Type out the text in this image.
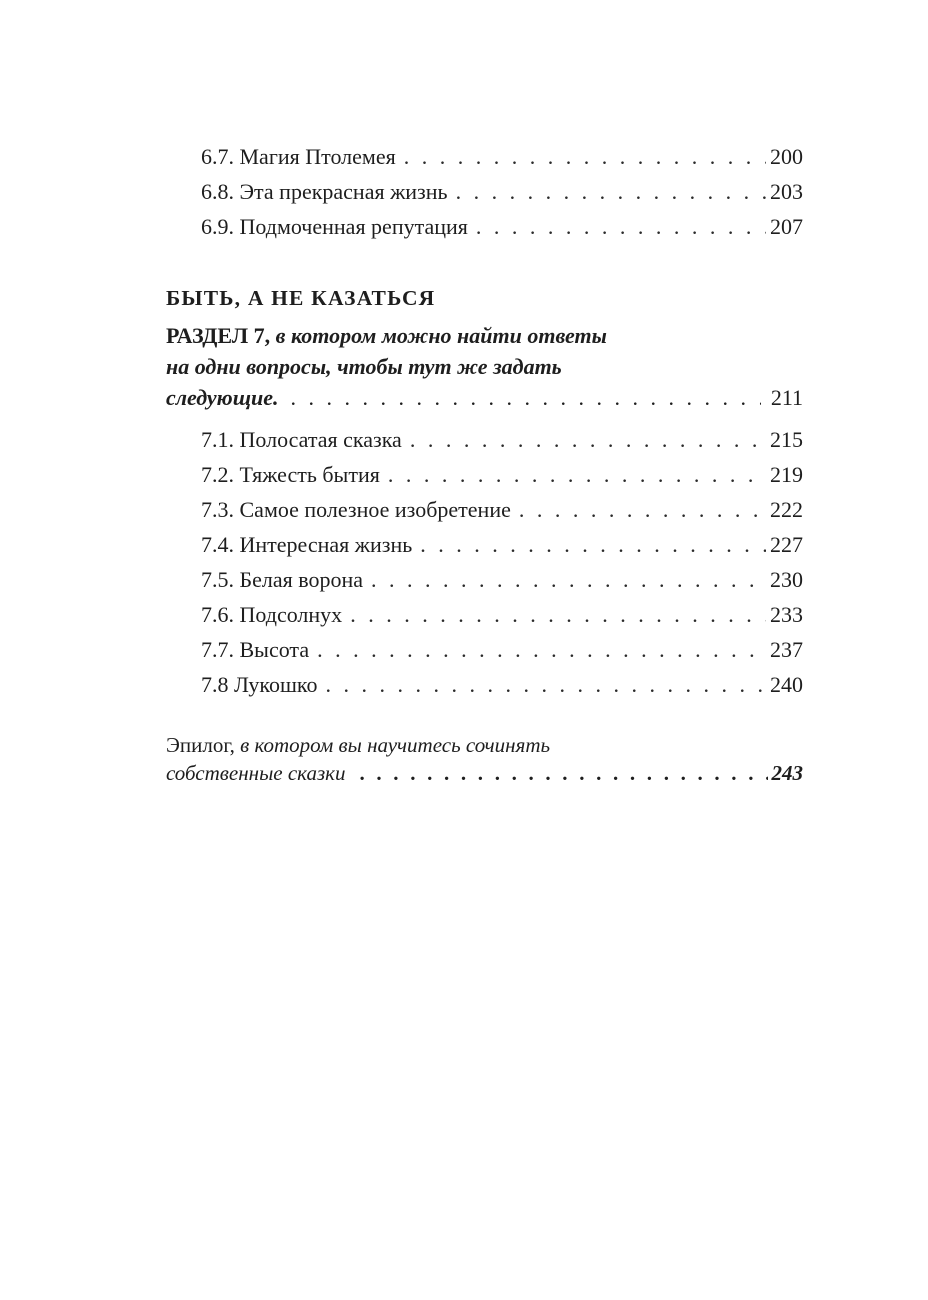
6.7. Магия Птолемея . . .	200
6.8. Эта прекрасная жизнь . . .	203
6.9. Подмоченная репутация . . .	207
БЫТЬ, А НЕ КАЗАТЬСЯ
РАЗДЕЛ 7, в котором можно найти ответы
на одни вопросы, чтобы тут же задать
следующие. . . .	211
7.1. Полосатая сказка . . .	215
7.2. Тяжесть бытия . . .	219
7.3. Самое полезное изобретение . . .	222
7.4. Интересная жизнь . . .	227
7.5. Белая ворона . . .	230
7.6. Подсолнух . . .	233
7.7. Высота . . .	237
7.8 Лукошко . . .	240
Эпилог, в котором вы научитесь сочинять
собственные сказки . . .	243
